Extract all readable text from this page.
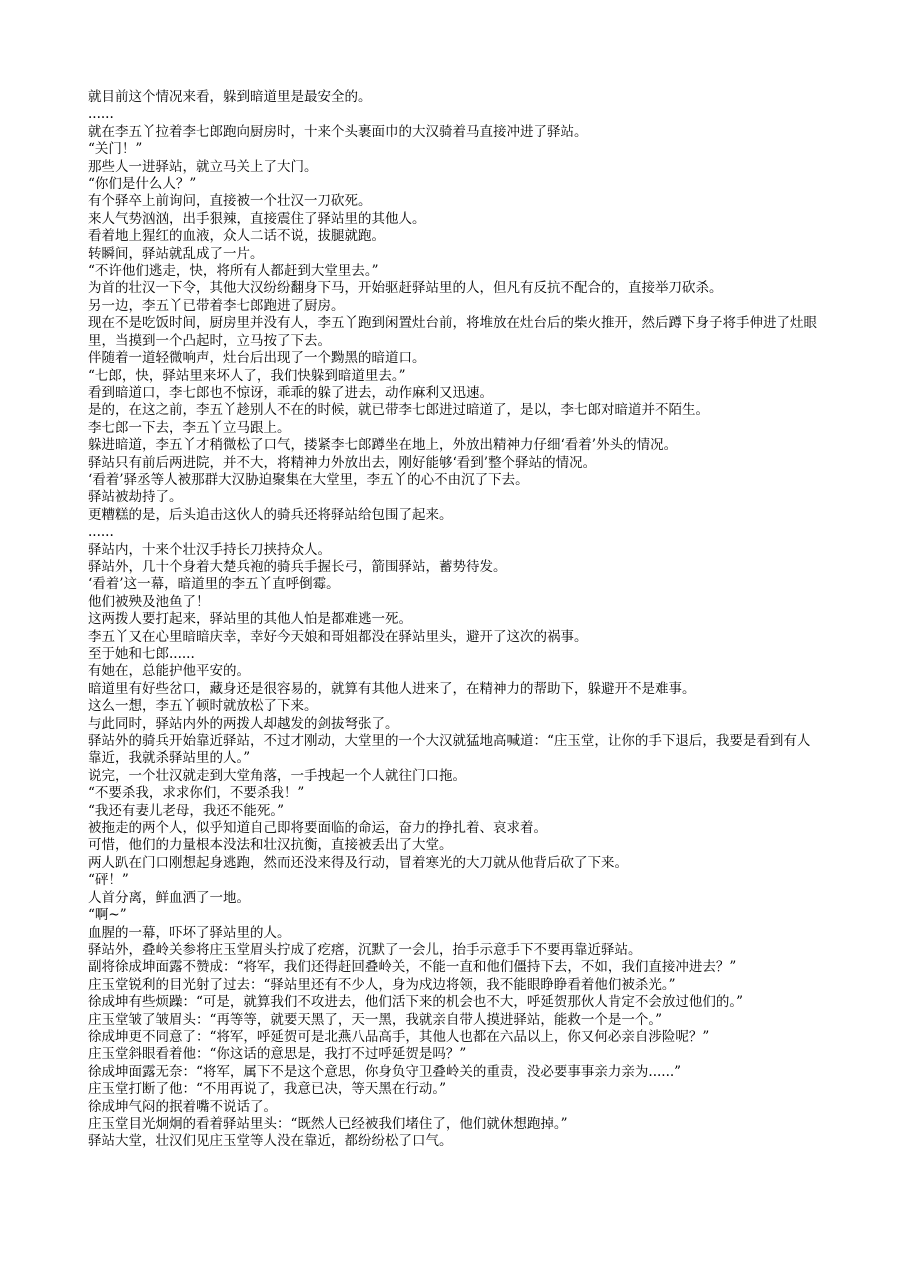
就目前这个情况来看，躲到暗道里是最安全的。

......

就在李五丫拉着李七郎跑向厨房时，十来个头裹面巾的大汉骑着马直接冲进了驿站。

“关门！”

那些人一进驿站，就立马关上了大门。

“你们是什么人？”

有个驿卒上前询问，直接被一个壮汉一刀砍死。

来人气势汹汹，出手狠辣，直接震住了驿站里的其他人。

看着地上猩红的血液，众人二话不说，拔腿就跑。

转瞬间，驿站就乱成了一片。

“不许他们逃走，快，将所有人都赶到大堂里去。”

为首的壮汉一下令，其他大汉纷纷翻身下马，开始驱赶驿站里的人，但凡有反抗不配合的，直接举刀砍杀。

另一边，李五丫已带着李七郎跑进了厨房。

现在不是吃饭时间，厨房里并没有人，李五丫跑到闲置灶台前，将堆放在灶台后的柴火推开，然后蹲下身子将手伸进了灶眼里，当摸到一个凸起时，立马按了下去。

伴随着一道轻微响声，灶台后出现了一个黝黑的暗道口。

“七郎，快，驿站里来坏人了，我们快躲到暗道里去。”

看到暗道口，李七郎也不惊讶，乖乖的躲了进去，动作麻利又迅速。

是的，在这之前，李五丫趁别人不在的时候，就已带李七郎进过暗道了，是以，李七郎对暗道并不陌生。

李七郎一下去，李五丫立马跟上。

躲进暗道，李五丫才稍微松了口气，搂紧李七郎蹲坐在地上，外放出精神力仔细‘看着’外头的情况。

驿站只有前后两进院，并不大，将精神力外放出去，刚好能够‘看到’整个驿站的情况。

‘看着’驿丞等人被那群大汉胁迫聚集在大堂里，李五丫的心不由沉了下去。

驿站被劫持了。

更糟糕的是，后头追击这伙人的骑兵还将驿站给包围了起来。

......

驿站内，十来个壮汉手持长刀挟持众人。

驿站外，几十个身着大楚兵袍的骑兵手握长弓，箭围驿站，蓄势待发。

‘看着’这一幕，暗道里的李五丫直呼倒霉。

他们被殃及池鱼了！

这两拨人要打起来，驿站里的其他人怕是都难逃一死。

李五丫又在心里暗暗庆幸，幸好今天娘和哥姐都没在驿站里头，避开了这次的祸事。

至于她和七郎......

有她在，总能护他平安的。

暗道里有好些岔口，藏身还是很容易的，就算有其他人进来了，在精神力的帮助下，躲避开不是难事。

这么一想，李五丫顿时就放松了下来。

与此同时，驿站内外的两拨人却越发的剑拔弩张了。

驿站外的骑兵开始靠近驿站，不过才刚动，大堂里的一个大汉就猛地高喊道：“庄玉堂，让你的手下退后，我要是看到有人靠近，我就杀驿站里的人。”

说完，一个壮汉就走到大堂角落，一手拽起一个人就往门口拖。

“不要杀我，求求你们，不要杀我！”

“我还有妻儿老母，我还不能死。”

被拖走的两个人，似乎知道自己即将要面临的命运，奋力的挣扎着、哀求着。

可惜，他们的力量根本没法和壮汉抗衡，直接被丢出了大堂。

两人趴在门口刚想起身逃跑，然而还没来得及行动，冒着寒光的大刀就从他背后砍了下来。

“砰！”

人首分离，鲜血洒了一地。

“啊~”

血腥的一幕，吓坏了驿站里的人。

驿站外，叠岭关参将庄玉堂眉头拧成了疙瘩，沉默了一会儿，抬手示意手下不要再靠近驿站。

副将徐成坤面露不赞成：“将军，我们还得赶回叠岭关，不能一直和他们僵持下去，不如，我们直接冲进去？”

庄玉堂锐利的目光射了过去：“驿站里还有不少人，身为戍边将领，我不能眼睁睁看着他们被杀光。”

徐成坤有些烦躁：“可是，就算我们不攻进去，他们活下来的机会也不大，呼延贺那伙人肯定不会放过他们的。”

庄玉堂皱了皱眉头：“再等等，就要天黑了，天一黑，我就亲自带人摸进驿站，能救一个是一个。”

徐成坤更不同意了：“将军，呼延贺可是北燕八品高手，其他人也都在六品以上，你又何必亲自涉险呢？”

庄玉堂斜眼看着他：“你这话的意思是，我打不过呼延贺是吗？”

徐成坤面露无奈：“将军，属下不是这个意思，你身负守卫叠岭关的重责，没必要事事亲力亲为......”

庄玉堂打断了他：“不用再说了，我意已决，等天黑在行动。”

徐成坤气闷的抿着嘴不说话了。

庄玉堂目光炯炯的看着驿站里头：“既然人已经被我们堵住了，他们就休想跑掉。”

驿站大堂，壮汉们见庄玉堂等人没在靠近，都纷纷松了口气。
